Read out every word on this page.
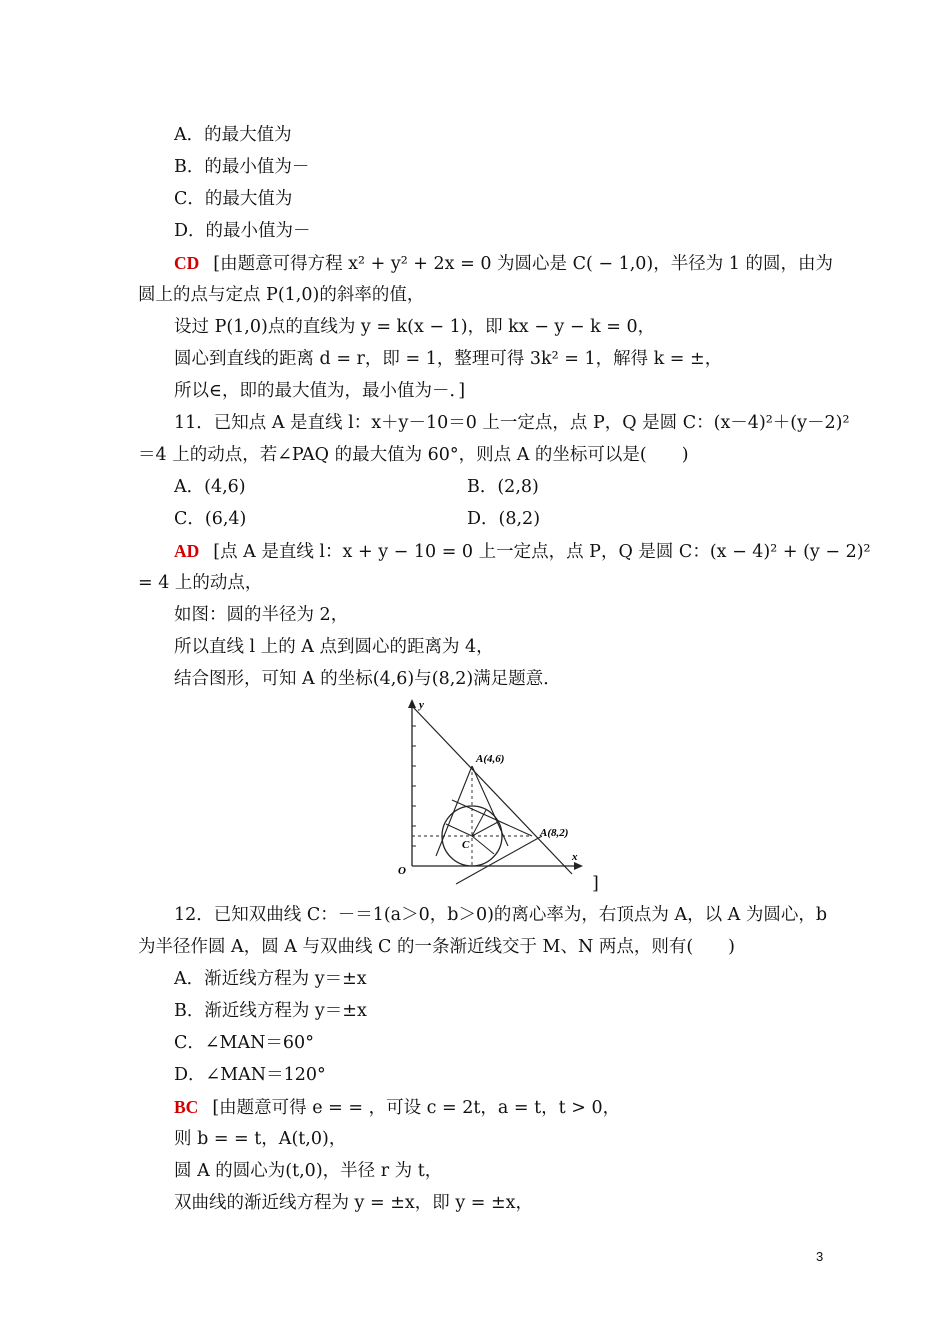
A．的最大值为
B．的最小值为－
C．的最大值为
D．的最小值为－
CD [由题意可得方程 x² + y² + 2x = 0 为圆心是 C( − 1,0)，半径为 1 的圆，由为
圆上的点与定点 P(1,0)的斜率的值，
设过 P(1,0)点的直线为 y = k(x − 1)，即 kx − y − k = 0，
圆心到直线的距离 d = r，即 = 1，整理可得 3k² = 1，解得 k = ±，
所以∈，即的最大值为，最小值为－．]
11．已知点 A 是直线 l：x＋y－10＝0 上一定点，点 P，Q 是圆 C：(x－4)²＋(y－2)²
＝4 上的动点，若∠PAQ 的最大值为 60°，则点 A 的坐标可以是(　　)
A．(4,6)	B．(2,8)
C．(6,4)	D．(8,2)
AD [点 A 是直线 l：x + y − 10 = 0 上一定点，点 P，Q 是圆 C：(x − 4)² + (y − 2)²
= 4 上的动点，
如图：圆的半径为 2，
所以直线 l 上的 A 点到圆心的距离为 4，
结合图形，可知 A 的坐标(4,6)与(8,2)满足题意．
y
x
O
C
A(4,6)
A(8,2)
]
12．已知双曲线 C：－＝1(a＞0，b＞0)的离心率为，右顶点为 A，以 A 为圆心，b
为半径作圆 A，圆 A 与双曲线 C 的一条渐近线交于 M、N 两点，则有(　　)
A．渐近线方程为 y＝±x
B．渐近线方程为 y＝±x
C．∠MAN＝60°
D．∠MAN＝120°
BC [由题意可得 e = = ，可设 c = 2t，a = t，t > 0，
则 b = = t，A(t,0)，
圆 A 的圆心为(t,0)，半径 r 为 t，
双曲线的渐近线方程为 y = ±x，即 y = ±x，
3
